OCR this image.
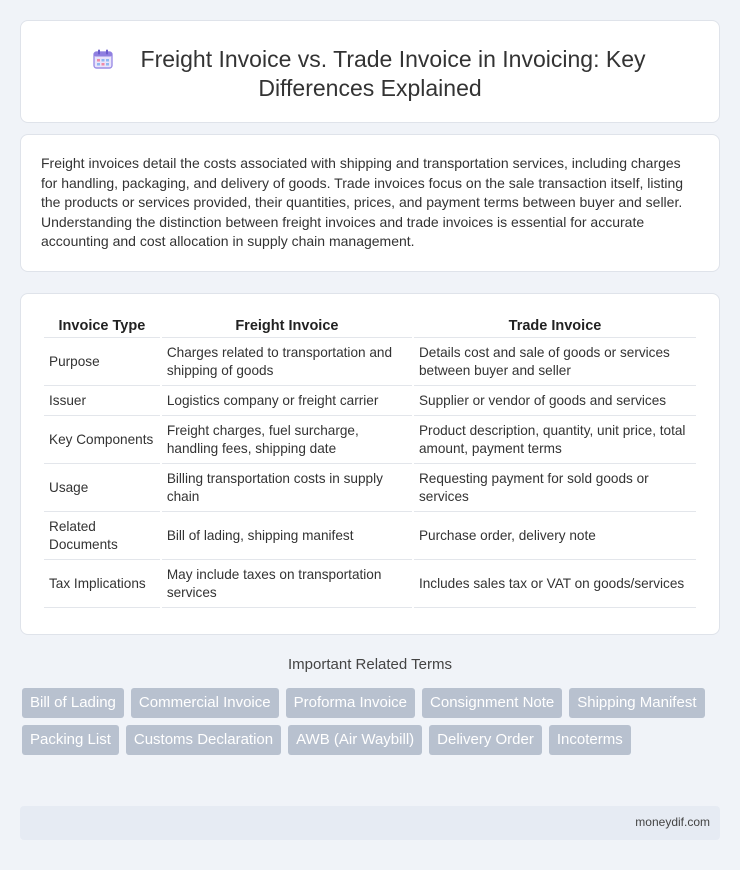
Freight Invoice vs. Trade Invoice in Invoicing: Key
Differences Explained

Freight invoices detail the costs associated with shipping and transportation services, including charges for handling, packaging, and delivery of goods. Trade invoices focus on the sale transaction itself, listing the products or services provided, their quantities, prices, and payment terms between buyer and seller. Understanding the distinction between freight invoices and trade invoices is essential for accurate accounting and cost allocation in supply chain management.

Invoice Type	Freight Invoice	Trade Invoice
Purpose	Charges related to transportation and shipping of goods	Details cost and sale of goods or services between buyer and seller
Issuer	Logistics company or freight carrier	Supplier or vendor of goods and services
Key Components	Freight charges, fuel surcharge, handling fees, shipping date	Product description, quantity, unit price, total amount, payment terms
Usage	Billing transportation costs in supply chain	Requesting payment for sold goods or services
Related Documents	Bill of lading, shipping manifest	Purchase order, delivery note
Tax Implications	May include taxes on transportation services	Includes sales tax or VAT on goods/services
Important Related Terms
Bill of Lading	Commercial Invoice	Proforma Invoice	Consignment Note	Shipping Manifest
Packing List	Customs Declaration	AWB (Air Waybill)	Delivery Order	Incoterms
moneydif.com
